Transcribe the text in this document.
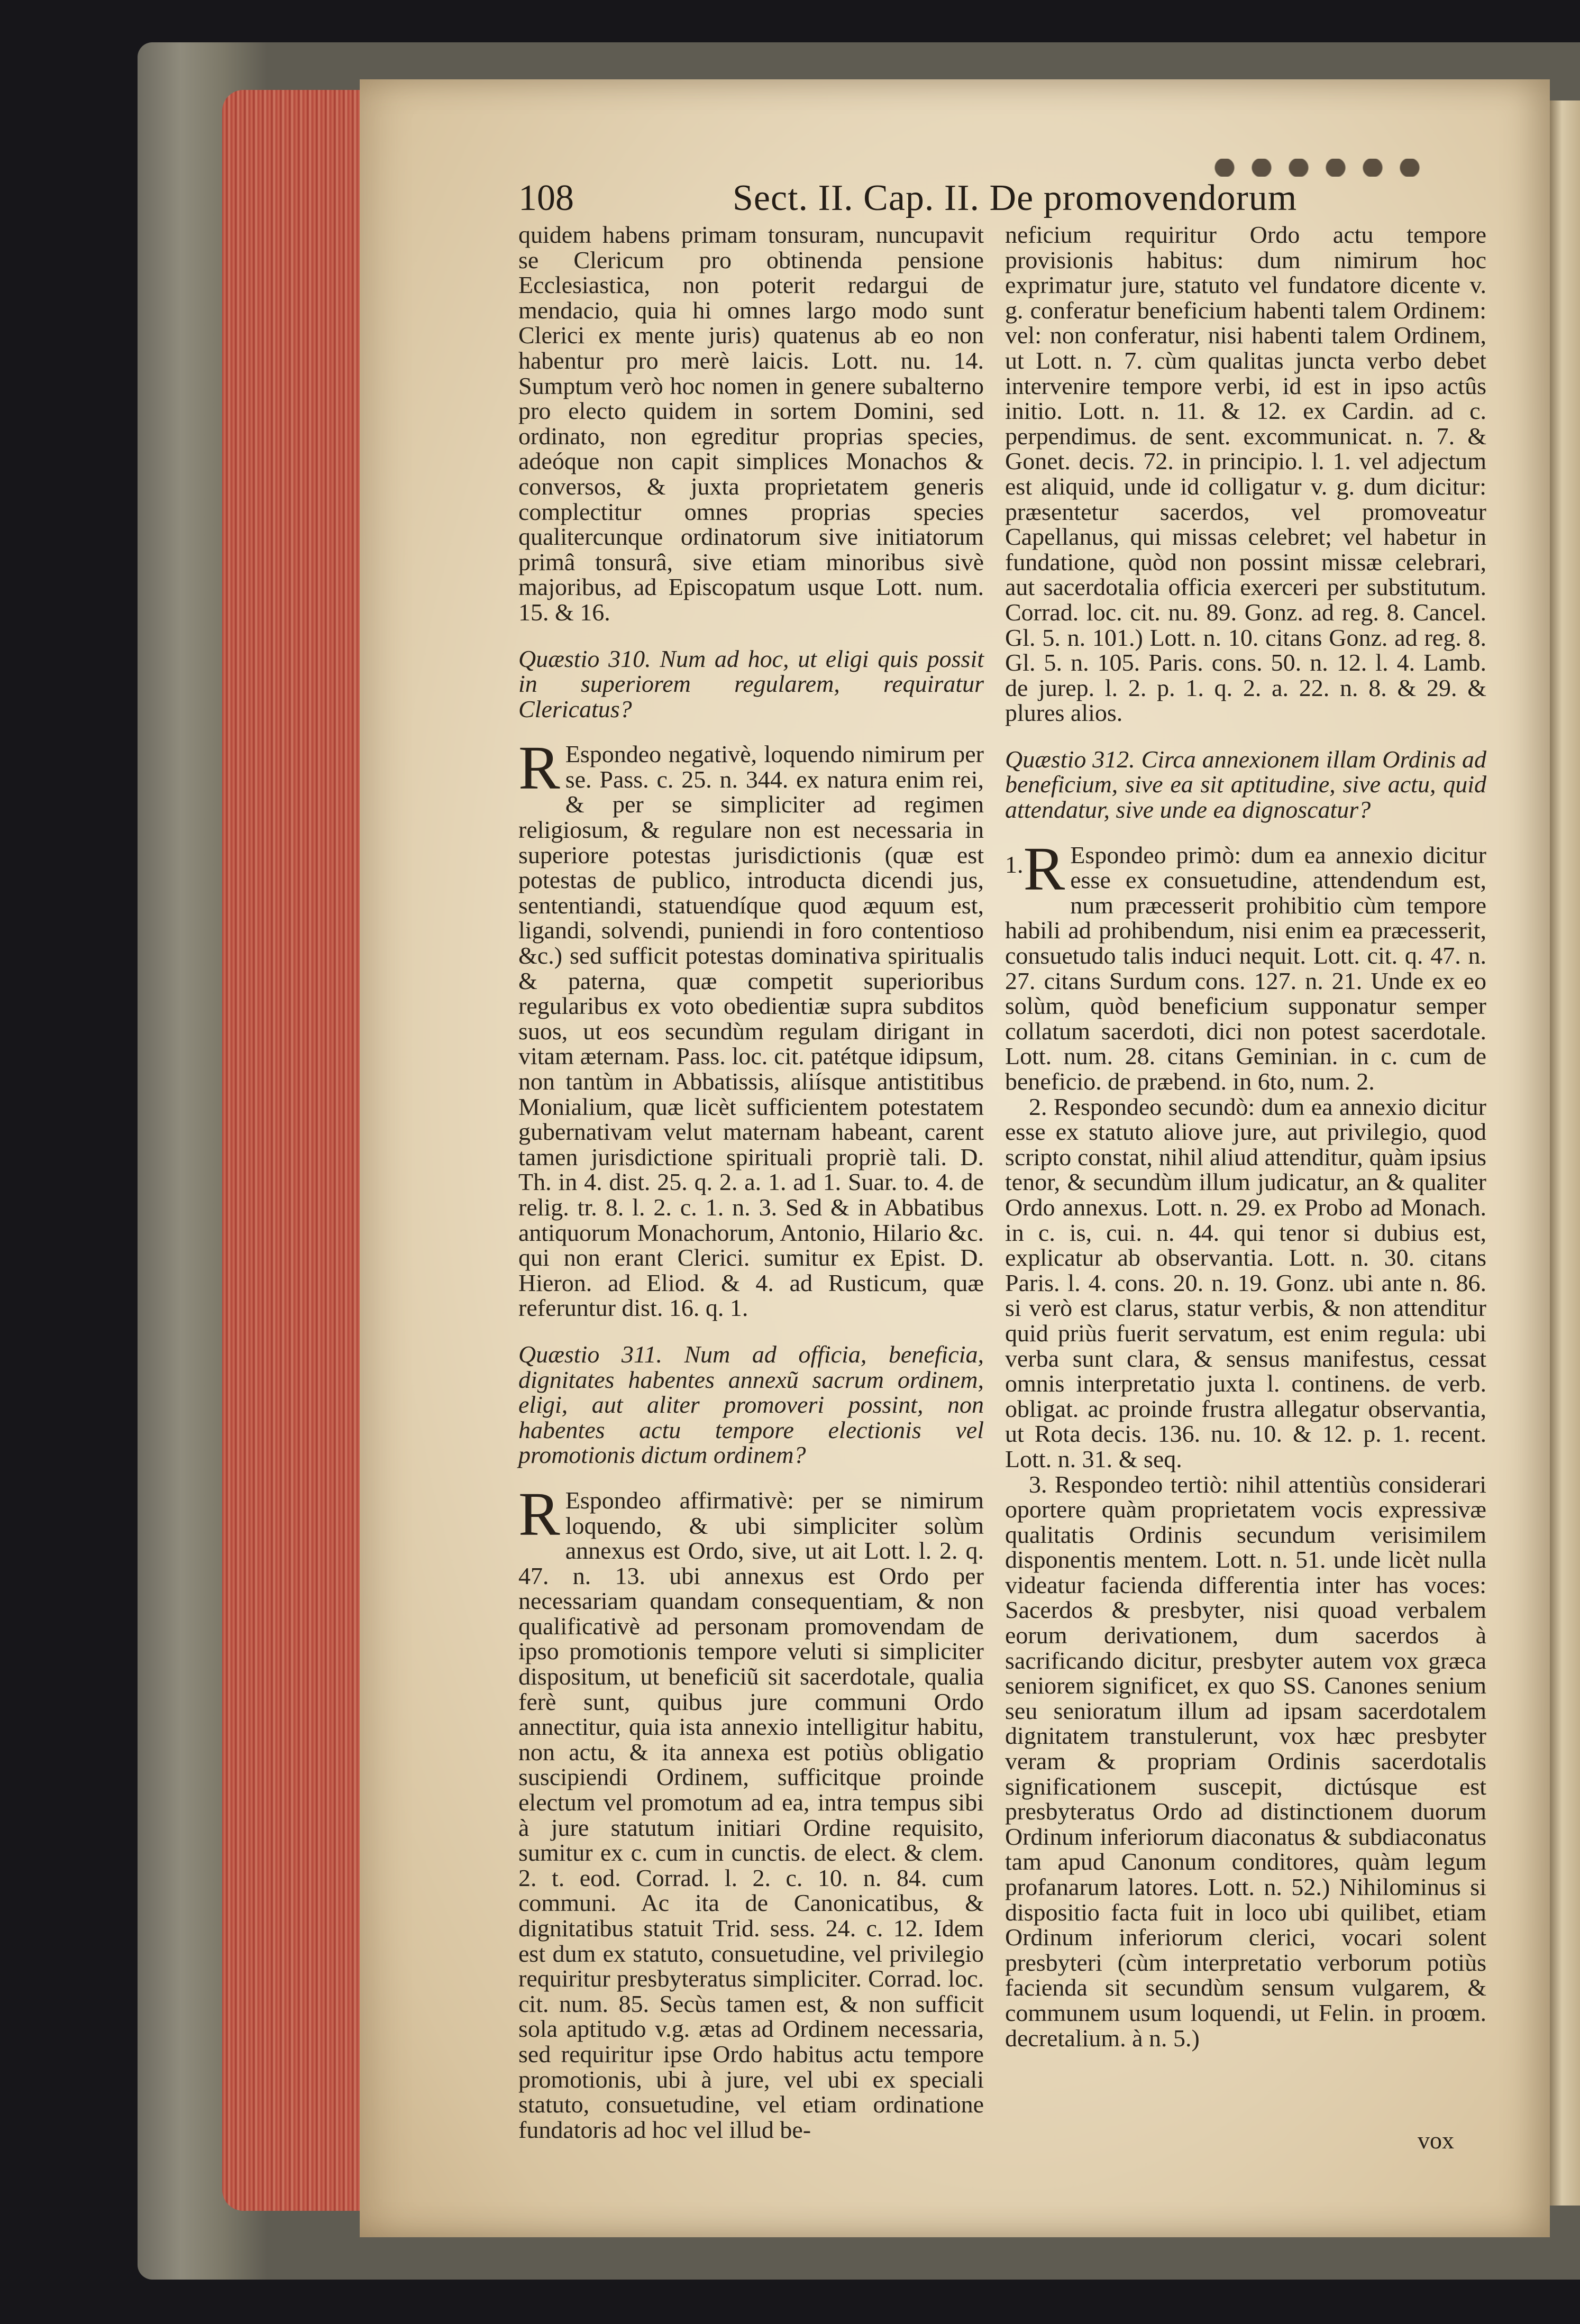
108	Sect. II. Cap. II. De promovendorum

quidem habens primam tonsuram, nuncupavit se Clericum pro obtinenda pensione Ecclesiastica, non poterit redargui de mendacio, quia hi omnes largo modo sunt Clerici ex mente juris) quatenus ab eo non habentur pro merè laicis. Lott. nu. 14. Sumptum verò hoc nomen in genere subalterno pro electo quidem in sortem Domini, sed ordinato, non egreditur proprias species, adeóque non capit simplices Monachos & conversos, & juxta proprietatem generis complectitur omnes proprias species qualitercunque ordinatorum sive initiatorum primâ tonsurâ, sive etiam minoribus sivè majoribus, ad Episcopatum usque Lott. num. 15. & 16.

Quæstio 310. Num ad hoc, ut eligi quis possit in superiorem regularem, requiratur Clericatus?

R Espondeo negativè, loquendo nimirum per se. Pass. c. 25. n. 344. ex natura enim rei, & per se simpliciter ad regimen religiosum, & regulare non est necessaria in superiore potestas jurisdictionis (quæ est potestas de publico, introducta dicendi jus, sententiandi, statuendíque quod æquum est, ligandi, solvendi, puniendi in foro contentioso &c.) sed sufficit potestas dominativa spiritualis & paterna, quæ competit superioribus regularibus ex voto obedientiæ supra subditos suos, ut eos secundùm regulam dirigant in vitam æternam. Pass. loc. cit. patétque idipsum, non tantùm in Abbatissis, aliísque antistitibus Monialium, quæ licèt sufficientem potestatem gubernativam velut maternam habeant, carent tamen jurisdictione spirituali propriè tali. D. Th. in 4. dist. 25. q. 2. a. 1. ad 1. Suar. to. 4. de relig. tr. 8. l. 2. c. 1. n. 3. Sed & in Abbatibus antiquorum Monachorum, Antonio, Hilario &c. qui non erant Clerici. sumitur ex Epist. D. Hieron. ad Eliod. & 4. ad Rusticum, quæ referuntur dist. 16. q. 1.

Quæstio 311. Num ad officia, beneficia, dignitates habentes annexũ sacrum ordinem, eligi, aut aliter promoveri possint, non habentes actu tempore electionis vel promotionis dictum ordinem?

R Espondeo affirmativè: per se nimirum loquendo, & ubi simpliciter solùm annexus est Ordo, sive, ut ait Lott. l. 2. q. 47. n. 13. ubi annexus est Ordo per necessariam quandam consequentiam, & non qualificativè ad personam promovendam de ipso promotionis tempore veluti si simpliciter dispositum, ut beneficiũ sit sacerdotale, qualia ferè sunt, quibus jure communi Ordo annectitur, quia ista annexio intelligitur habitu, non actu, & ita annexa est potiùs obligatio suscipiendi Ordinem, sufficitque proinde electum vel promotum ad ea, intra tempus sibi à jure statutum initiari Ordine requisito, sumitur ex c. cum in cunctis. de elect. & clem. 2. t. eod. Corrad. l. 2. c. 10. n. 84. cum communi. Ac ita de Canonicatibus, & dignitatibus statuit Trid. sess. 24. c. 12. Idem est dum ex statuto, consuetudine, vel privilegio requiritur presbyteratus simpliciter. Corrad. loc. cit. num. 85. Secùs tamen est, & non sufficit sola aptitudo v.g. ætas ad Ordinem necessaria, sed requiritur ipse Ordo habitus actu tempore promotionis, ubi à jure, vel ubi ex speciali statuto, consuetudine, vel etiam ordinatione fundatoris ad hoc vel illud be-

neficium requiritur Ordo actu tempore provisionis habitus: dum nimirum hoc exprimatur jure, statuto vel fundatore dicente v. g. conferatur beneficium habenti talem Ordinem: vel: non conferatur, nisi habenti talem Ordinem, ut Lott. n. 7. cùm qualitas juncta verbo debet intervenire tempore verbi, id est in ipso actûs initio. Lott. n. 11. & 12. ex Cardin. ad c. perpendimus. de sent. excommunicat. n. 7. & Gonet. decis. 72. in principio. l. 1. vel adjectum est aliquid, unde id colligatur v. g. dum dicitur: præsentetur sacerdos, vel promoveatur Capellanus, qui missas celebret; vel habetur in fundatione, quòd non possint missæ celebrari, aut sacerdotalia officia exerceri per substitutum. Corrad. loc. cit. nu. 89. Gonz. ad reg. 8. Cancel. Gl. 5. n. 101.) Lott. n. 10. citans Gonz. ad reg. 8. Gl. 5. n. 105. Paris. cons. 50. n. 12. l. 4. Lamb. de jurep. l. 2. p. 1. q. 2. a. 22. n. 8. & 29. & plures alios.

Quæstio 312. Circa annexionem illam Ordinis ad beneficium, sive ea sit aptitudine, sive actu, quid attendatur, sive unde ea dignoscatur?

1. R Espondeo primò: dum ea annexio dicitur esse ex consuetudine, attendendum est, num præcesserit prohibitio cùm tempore habili ad prohibendum, nisi enim ea præcesserit, consuetudo talis induci nequit. Lott. cit. q. 47. n. 27. citans Surdum cons. 127. n. 21. Unde ex eo solùm, quòd beneficium supponatur semper collatum sacerdoti, dici non potest sacerdotale. Lott. num. 28. citans Geminian. in c. cum de beneficio. de præbend. in 6to, num. 2.

2. Respondeo secundò: dum ea annexio dicitur esse ex statuto aliove jure, aut privilegio, quod scripto constat, nihil aliud attenditur, quàm ipsius tenor, & secundùm illum judicatur, an & qualiter Ordo annexus. Lott. n. 29. ex Probo ad Monach. in c. is, cui. n. 44. qui tenor si dubius est, explicatur ab observantia. Lott. n. 30. citans Paris. l. 4. cons. 20. n. 19. Gonz. ubi ante n. 86. si verò est clarus, statur verbis, & non attenditur quid priùs fuerit servatum, est enim regula: ubi verba sunt clara, & sensus manifestus, cessat omnis interpretatio juxta l. continens. de verb. obligat. ac proinde frustra allegatur observantia, ut Rota decis. 136. nu. 10. & 12. p. 1. recent. Lott. n. 31. & seq.

3. Respondeo tertiò: nihil attentiùs considerari oportere quàm proprietatem vocis expressivæ qualitatis Ordinis secundum verisimilem disponentis mentem. Lott. n. 51. unde licèt nulla videatur facienda differentia inter has voces: Sacerdos & presbyter, nisi quoad verbalem eorum derivationem, dum sacerdos à sacrificando dicitur, presbyter autem vox græca seniorem significet, ex quo SS. Canones senium seu senioratum illum ad ipsam sacerdotalem dignitatem transtulerunt, vox hæc presbyter veram & propriam Ordinis sacerdotalis significationem suscepit, dictúsque est presbyteratus Ordo ad distinctionem duorum Ordinum inferiorum diaconatus & subdiaconatus tam apud Canonum conditores, quàm legum profanarum latores. Lott. n. 52.) Nihilominus si dispositio facta fuit in loco ubi quilibet, etiam Ordinum inferiorum clerici, vocari solent presbyteri (cùm interpretatio verborum potiùs facienda sit secundùm sensum vulgarem, & communem usum loquendi, ut Felin. in proœm. decretalium. à n. 5.)

vox
